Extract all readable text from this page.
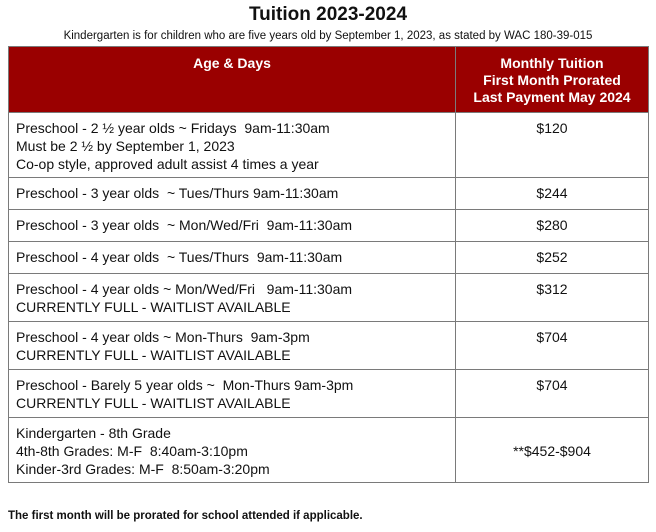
Tuition 2023-2024
Kindergarten is for children who are five years old by September 1, 2023, as stated by WAC 180-39-015
Age & Days	Monthly Tuition
First Month Prorated
Last Payment May 2024

Preschool - 2 ½ year olds ~ Fridays  9am-11:30am
Must be 2 ½ by September 1, 2023
Co-op style, approved adult assist 4 times a year	$120

Preschool - 3 year olds  ~ Tues/Thurs 9am-11:30am	$244

Preschool - 3 year olds  ~ Mon/Wed/Fri  9am-11:30am	$280

Preschool - 4 year olds  ~ Tues/Thurs  9am-11:30am	$252

Preschool - 4 year olds ~ Mon/Wed/Fri   9am-11:30am
CURRENTLY FULL - WAITLIST AVAILABLE	$312

Preschool - 4 year olds ~ Mon-Thurs  9am-3pm
CURRENTLY FULL - WAITLIST AVAILABLE	$704

Preschool - Barely 5 year olds ~  Mon-Thurs 9am-3pm
CURRENTLY FULL - WAITLIST AVAILABLE	$704

Kindergarten - 8th Grade
4th-8th Grades: M-F  8:40am-3:10pm
Kinder-3rd Grades: M-F  8:50am-3:20pm	**$452-$904
The first month will be prorated for school attended if applicable.
